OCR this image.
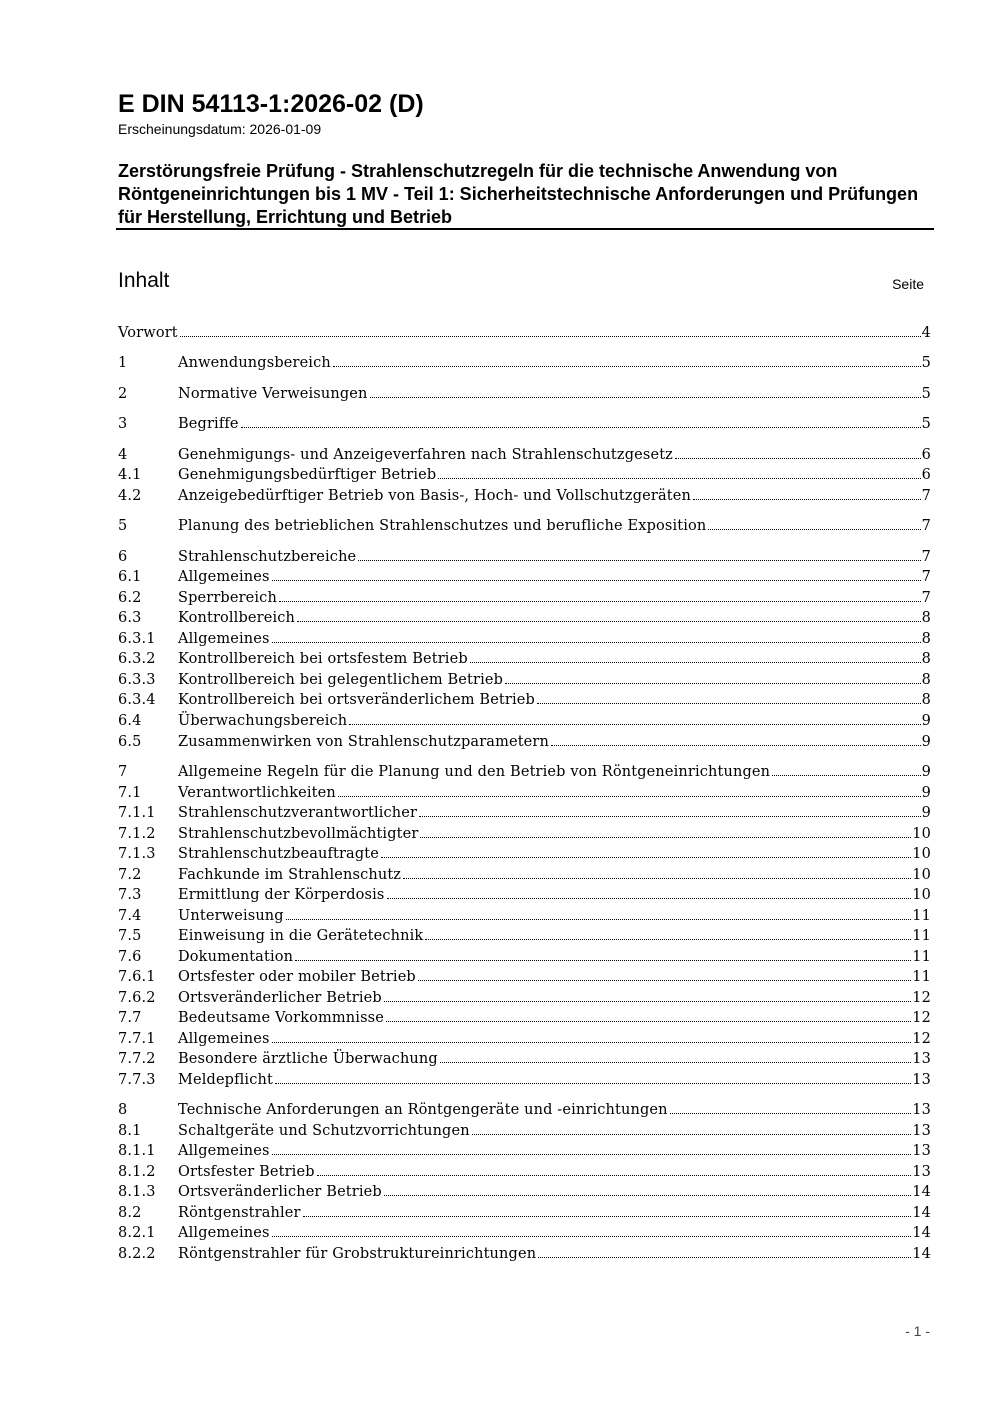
E DIN 54113-1:2026-02 (D)
Erscheinungsdatum: 2026-01-09
Zerstörungsfreie Prüfung - Strahlenschutzregeln für die technische Anwendung von Röntgeneinrichtungen bis 1 MV - Teil 1: Sicherheitstechnische Anforderungen und Prüfungen für Herstellung, Errichtung und Betrieb
Inhalt	Seite
Vorwort	4
1	Anwendungsbereich	5
2	Normative Verweisungen	5
3	Begriffe	5
4	Genehmigungs- und Anzeigeverfahren nach Strahlenschutzgesetz	6
4.1	Genehmigungsbedürftiger Betrieb	6
4.2	Anzeigebedürftiger Betrieb von Basis-, Hoch- und Vollschutzgeräten	7
5	Planung des betrieblichen Strahlenschutzes und berufliche Exposition	7
6	Strahlenschutzbereiche	7
6.1	Allgemeines	7
6.2	Sperrbereich	7
6.3	Kontrollbereich	8
6.3.1	Allgemeines	8
6.3.2	Kontrollbereich bei ortsfestem Betrieb	8
6.3.3	Kontrollbereich bei gelegentlichem Betrieb	8
6.3.4	Kontrollbereich bei ortsveränderlichem Betrieb	8
6.4	Überwachungsbereich	9
6.5	Zusammenwirken von Strahlenschutzparametern	9
7	Allgemeine Regeln für die Planung und den Betrieb von Röntgeneinrichtungen	9
7.1	Verantwortlichkeiten	9
7.1.1	Strahlenschutzverantwortlicher	9
7.1.2	Strahlenschutzbevollmächtigter	10
7.1.3	Strahlenschutzbeauftragte	10
7.2	Fachkunde im Strahlenschutz	10
7.3	Ermittlung der Körperdosis	10
7.4	Unterweisung	11
7.5	Einweisung in die Gerätetechnik	11
7.6	Dokumentation	11
7.6.1	Ortsfester oder mobiler Betrieb	11
7.6.2	Ortsveränderlicher Betrieb	12
7.7	Bedeutsame Vorkommnisse	12
7.7.1	Allgemeines	12
7.7.2	Besondere ärztliche Überwachung	13
7.7.3	Meldepflicht	13
8	Technische Anforderungen an Röntgengeräte und -einrichtungen	13
8.1	Schaltgeräte und Schutzvorrichtungen	13
8.1.1	Allgemeines	13
8.1.2	Ortsfester Betrieb	13
8.1.3	Ortsveränderlicher Betrieb	14
8.2	Röntgenstrahler	14
8.2.1	Allgemeines	14
8.2.2	Röntgenstrahler für Grobstruktureinrichtungen	14
- 1 -
